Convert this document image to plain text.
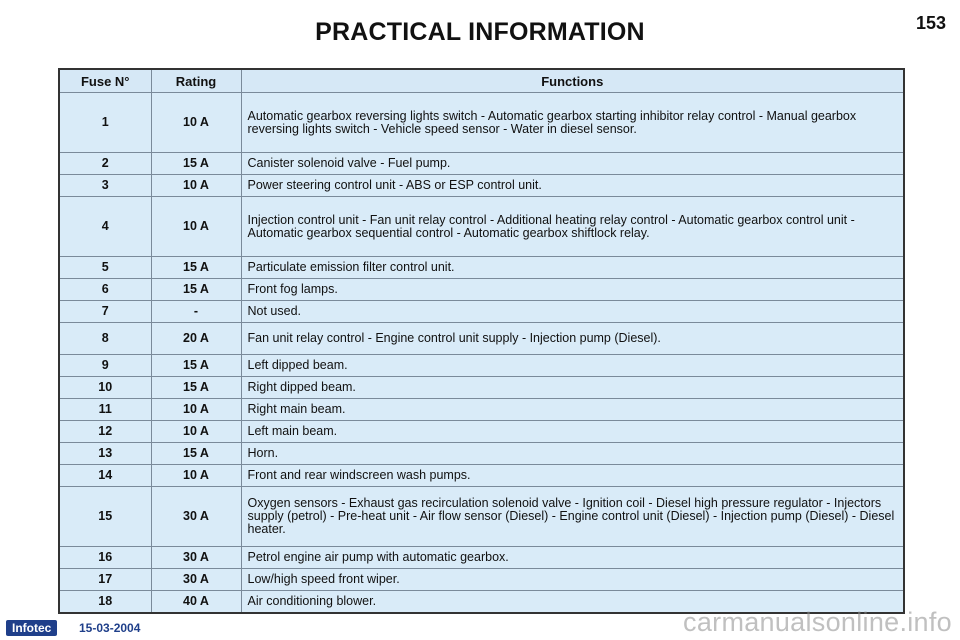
PRACTICAL INFORMATION	153
Fuse N°	Rating	Functions
1	10 A	Automatic gearbox reversing lights switch - Automatic gearbox starting inhibitor relay control - Manual gearbox reversing lights switch - Vehicle speed sensor - Water in diesel sensor.
2	15 A	Canister solenoid valve - Fuel pump.
3	10 A	Power steering control unit - ABS or ESP control unit.
4	10 A	Injection control unit - Fan unit relay control - Additional heating relay control - Automatic gearbox control unit - Automatic gearbox sequential control - Automatic gearbox shiftlock relay.
5	15 A	Particulate emission filter control unit.
6	15 A	Front fog lamps.
7	-	Not used.
8	20 A	Fan unit relay control - Engine control unit supply - Injection pump (Diesel).
9	15 A	Left dipped beam.
10	15 A	Right dipped beam.
11	10 A	Right main beam.
12	10 A	Left main beam.
13	15 A	Horn.
14	10 A	Front and rear windscreen wash pumps.
15	30 A	Oxygen sensors - Exhaust gas recirculation solenoid valve - Ignition coil - Diesel high pressure regulator - Injectors supply (petrol) - Pre-heat unit - Air flow sensor (Diesel) - Engine control unit (Diesel) - Injection pump (Diesel) - Diesel heater.
16	30 A	Petrol engine air pump with automatic gearbox.
17	30 A	Low/high speed front wiper.
18	40 A	Air conditioning blower.
Infotec	15-03-2004	carmanualsonline.info
